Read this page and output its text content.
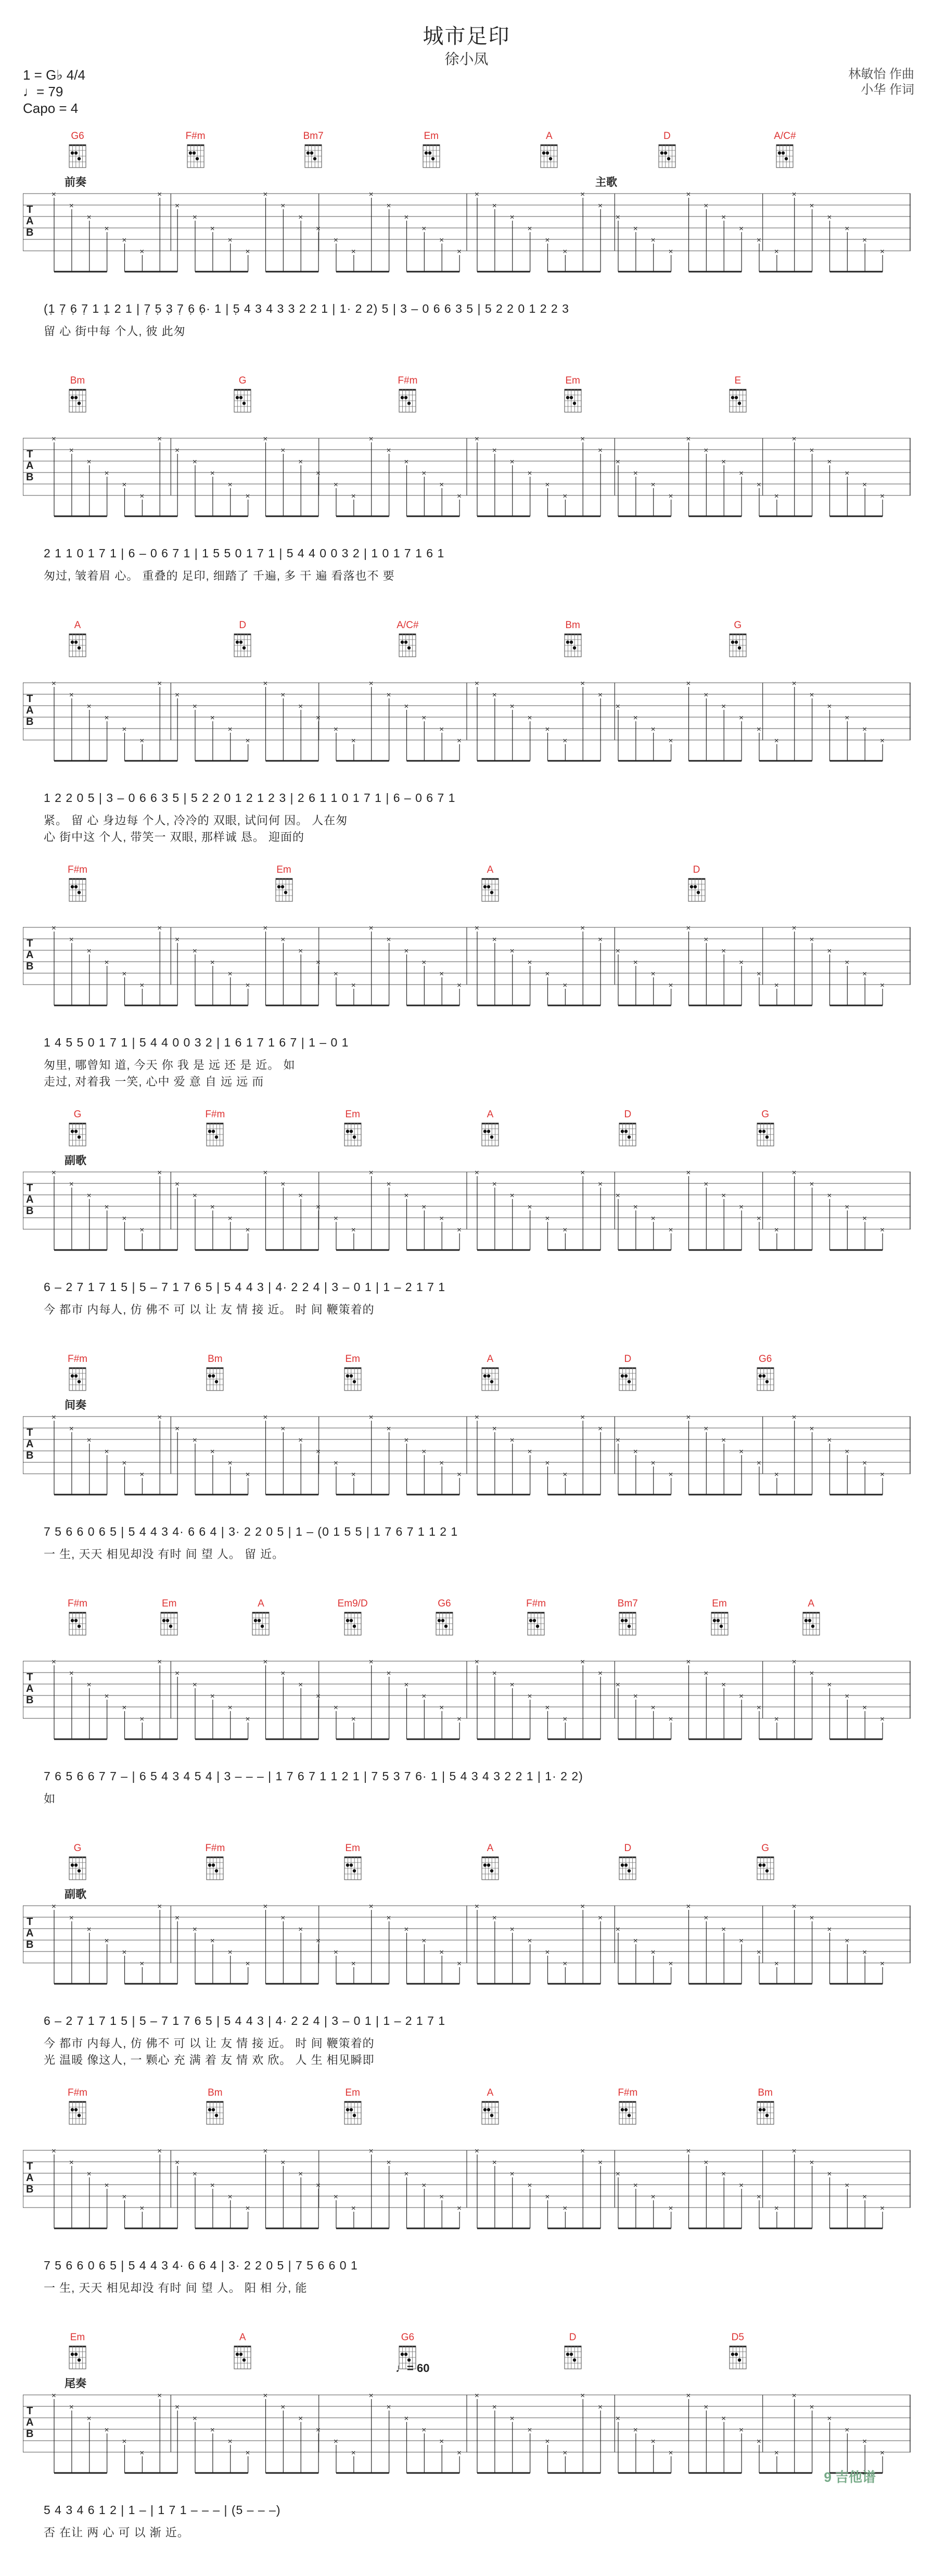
城市足印
徐小凤
1 = G♭ 4/4
♩= 79
Capo = 4
林敏怡 作曲
小华 作词
G6	F#m	Bm7	Em	A	D	A/C#
前奏	主歌
×
×
×
×
×
×
×
×
×
×
×
×
×
×
×
×
×
×
×
×
×
×
×
×
×
×
×
×
×
×
×
×
×
×
×
×
×
×
×
×
×
×
×
×
×
×
×
×
T
A
B
(1̣ 7̣ 6̣ 7̣ 1 1̣ 2 1 | 7̣ 5̣ 3̣ 7̣ 6̣ 6̣· 1 | 5̣ 4 3 4 3 3 2 2 1 | 1· 2 2) 5 | 3 – 0 6 6 3 5 | 5 2 2 0 1 2 2 3
留 心 街中每 个人, 彼 此匆
Bm	G	F#m	Em	E
×
×
×
×
×
×
×
×
×
×
×
×
×
×
×
×
×
×
×
×
×
×
×
×
×
×
×
×
×
×
×
×
×
×
×
×
×
×
×
×
×
×
×
×
×
×
×
×
T
A
B
2 1 1 0 1 7 1 | 6 – 0 6 7 1 | 1 5 5 0 1 7 1 | 5 4 4 0 0 3 2 | 1 0 1 7 1 6 1
匆过, 皱着眉 心。 重叠的 足印, 细踏了 千遍, 多 干 遍 看落也不 要
A	D	A/C#	Bm	G
×
×
×
×
×
×
×
×
×
×
×
×
×
×
×
×
×
×
×
×
×
×
×
×
×
×
×
×
×
×
×
×
×
×
×
×
×
×
×
×
×
×
×
×
×
×
×
×
T
A
B
1 2 2 0 5 | 3 – 0 6 6 3 5 | 5 2 2 0 1 2 1 2 3 | 2 6 1 1 0 1 7 1 | 6 – 0 6 7 1
紧。 留 心 身边每 个人, 冷冷的 双眼, 试问何 因。 人在匆
心 街中这 个人, 带笑一 双眼, 那样诚 恳。 迎面的
F#m	Em	A	D
×
×
×
×
×
×
×
×
×
×
×
×
×
×
×
×
×
×
×
×
×
×
×
×
×
×
×
×
×
×
×
×
×
×
×
×
×
×
×
×
×
×
×
×
×
×
×
×
T
A
B
1 4 5 5 0 1 7 1 | 5 4 4 0 0 3 2 | 1 6 1 7 1 6 7 | 1 – 0 1
匆里, 哪曾知 道, 今天 你 我 是 远 还 是 近。 如
走过, 对着我 一笑, 心中 爱 意 自 远 远 而
G	F#m	Em	A	D	G
副歌
×
×
×
×
×
×
×
×
×
×
×
×
×
×
×
×
×
×
×
×
×
×
×
×
×
×
×
×
×
×
×
×
×
×
×
×
×
×
×
×
×
×
×
×
×
×
×
×
T
A
B
6 – 2 7 1 7 1 5 | 5 – 7 1 7 6 5 | 5 4 4 3 | 4· 2 2 4 | 3 – 0 1 | 1 – 2 1 7 1
今 都市 内每人, 仿 佛不 可 以 让 友 情 接 近。 时 间 鞭策着的
F#m	Bm	Em	A	D	G6
间奏
×
×
×
×
×
×
×
×
×
×
×
×
×
×
×
×
×
×
×
×
×
×
×
×
×
×
×
×
×
×
×
×
×
×
×
×
×
×
×
×
×
×
×
×
×
×
×
×
T
A
B
7 5 6 6 0 6 5 | 5 4 4 3 4· 6 6 4 | 3· 2 2 0 5 | 1 – (0 1 5 5 | 1 7 6 7 1 1 2 1
一 生, 天天 相见却没 有时 间 望 人。 留 近。
F#m	Em	A	Em9/D	G6	F#m	Bm7	Em	A
×
×
×
×
×
×
×
×
×
×
×
×
×
×
×
×
×
×
×
×
×
×
×
×
×
×
×
×
×
×
×
×
×
×
×
×
×
×
×
×
×
×
×
×
×
×
×
×
T
A
B
7 6 5 6 6 7 7 – | 6 5 4 3 4 5 4 | 3 – – – | 1 7 6 7 1 1 2 1 | 7 5 3 7 6· 1 | 5 4 3 4 3 2 2 1 | 1· 2 2)
如
G	F#m	Em	A	D	G
副歌
×
×
×
×
×
×
×
×
×
×
×
×
×
×
×
×
×
×
×
×
×
×
×
×
×
×
×
×
×
×
×
×
×
×
×
×
×
×
×
×
×
×
×
×
×
×
×
×
T
A
B
6 – 2 7 1 7 1 5 | 5 – 7 1 7 6 5 | 5 4 4 3 | 4· 2 2 4 | 3 – 0 1 | 1 – 2 1 7 1
今 都市 内每人, 仿 佛不 可 以 让 友 情 接 近。 时 间 鞭策着的
光 温暖 像这人, 一 颗心 充 满 着 友 情 欢 欣。 人 生 相见瞬即
F#m	Bm	Em	A	F#m	Bm
×
×
×
×
×
×
×
×
×
×
×
×
×
×
×
×
×
×
×
×
×
×
×
×
×
×
×
×
×
×
×
×
×
×
×
×
×
×
×
×
×
×
×
×
×
×
×
×
T
A
B
7 5 6 6 0 6 5 | 5 4 4 3 4· 6 6 4 | 3· 2 2 0 5 | 7 5 6 6 0 1
一 生, 天天 相见却没 有时 间 望 人。 阳 相 分, 能
Em	A	G6	D	D5
尾奏
♩= 60
×
×
×
×
×
×
×
×
×
×
×
×
×
×
×
×
×
×
×
×
×
×
×
×
×
×
×
×
×
×
×
×
×
×
×
×
×
×
×
×
×
×
×
×
×
×
×
×
T
A
B
5 4 3 4 6 1 2 | 1 – | 1 7 1 – – – | (5 – – –)
否 在让 两 心 可 以 渐 近。
9 吉他谱
